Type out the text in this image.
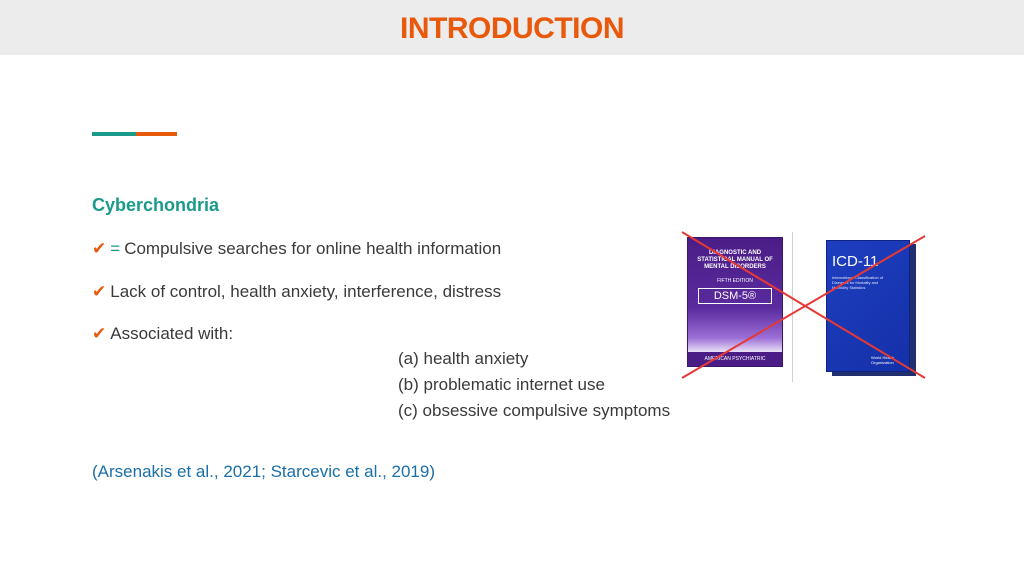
INTRODUCTION
Cyberchondria
✔ = Compulsive searches for online health information
✔ Lack of control, health anxiety, interference, distress
✔ Associated with:
(a) health anxiety
(b) problematic internet use
(c) obsessive compulsive symptoms
(Arsenakis et al., 2021; Starcevic et al., 2019)
DIAGNOSTIC AND STATISTICAL MANUAL OF MENTAL DISORDERS
FIFTH EDITION
DSM-5®
AMERICAN PSYCHIATRIC ASSOCIATION
ICD-11
International Classification of Diseases for Mortality and Morbidity Statistics
World Health Organization
